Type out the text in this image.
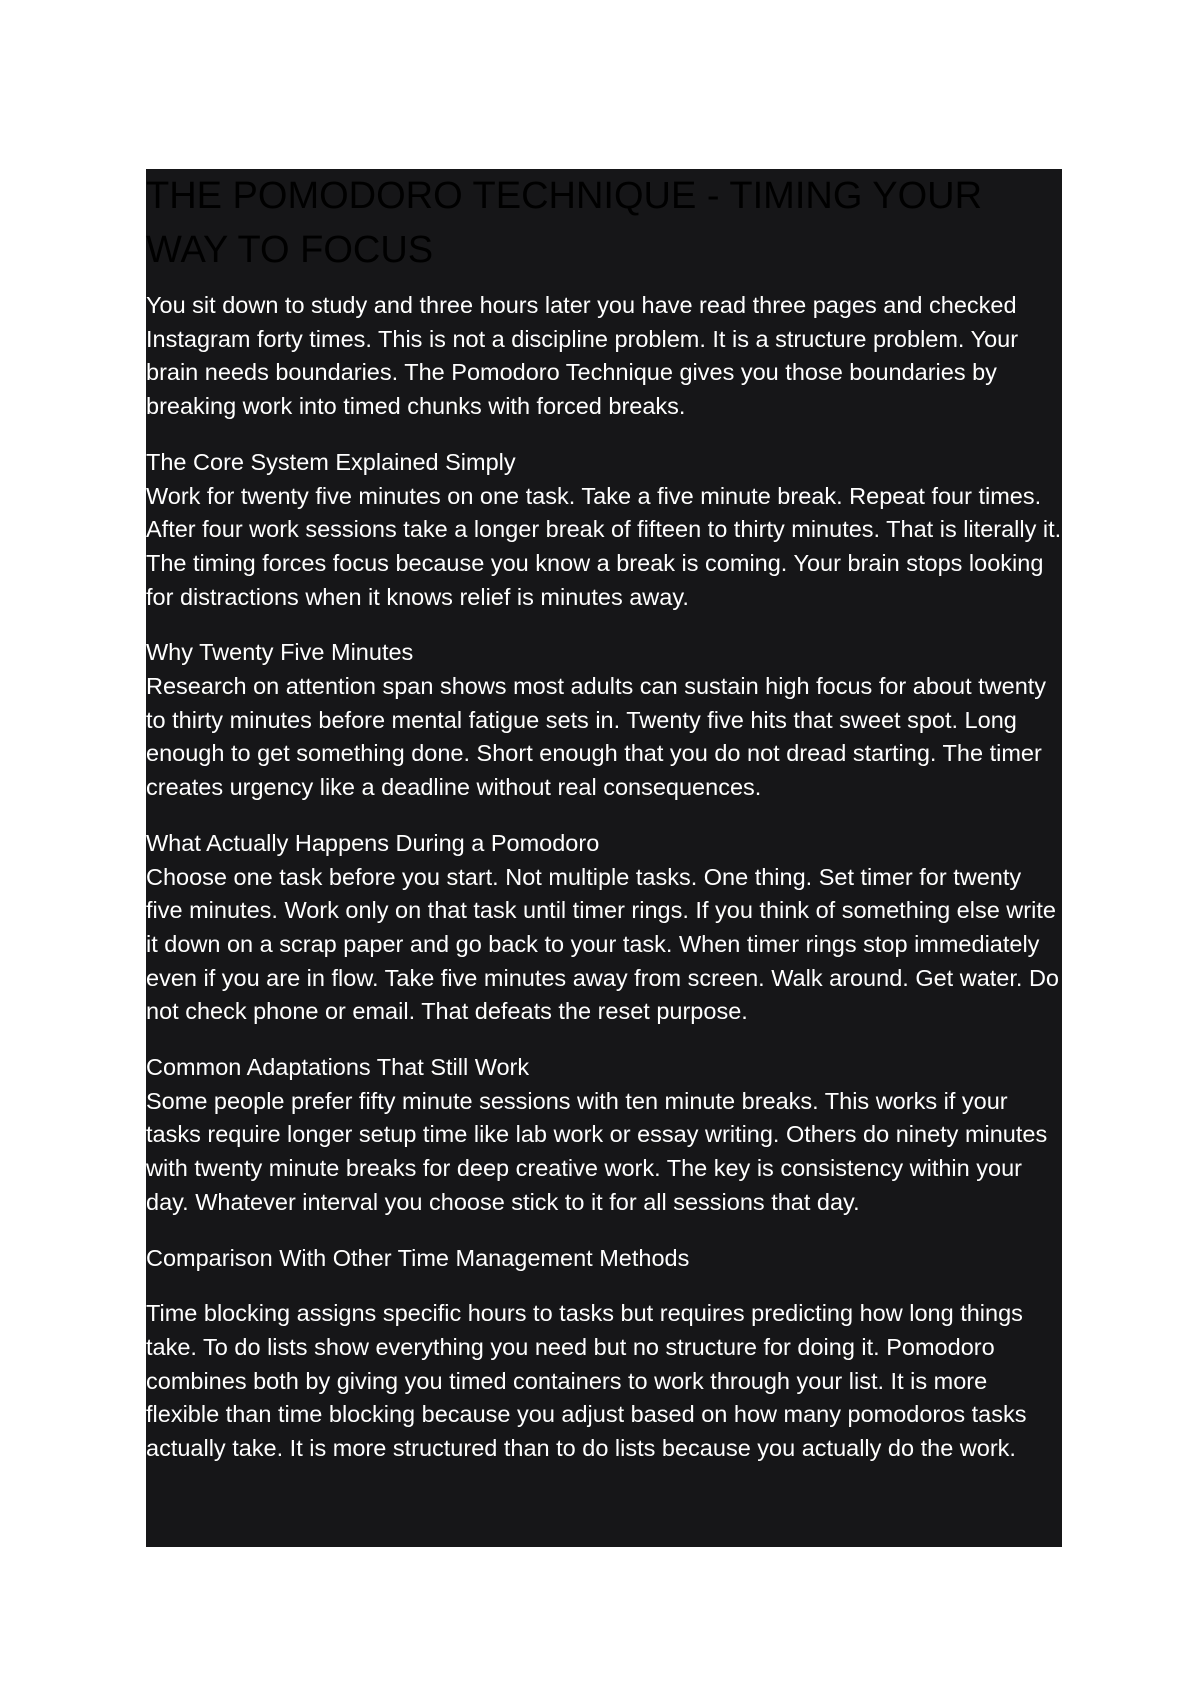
THE POMODORO TECHNIQUE - TIMING YOUR WAY TO FOCUS

You sit down to study and three hours later you have read three pages and checked Instagram forty times. This is not a discipline problem. It is a structure problem. Your brain needs boundaries. The Pomodoro Technique gives you those boundaries by breaking work into timed chunks with forced breaks.

The Core System Explained Simply

Work for twenty five minutes on one task. Take a five minute break. Repeat four times. After four work sessions take a longer break of fifteen to thirty minutes. That is literally it. The timing forces focus because you know a break is coming. Your brain stops looking for distractions when it knows relief is minutes away.

Why Twenty Five Minutes

Research on attention span shows most adults can sustain high focus for about twenty to thirty minutes before mental fatigue sets in. Twenty five hits that sweet spot. Long enough to get something done. Short enough that you do not dread starting. The timer creates urgency like a deadline without real consequences.

What Actually Happens During a Pomodoro

Choose one task before you start. Not multiple tasks. One thing. Set timer for twenty five minutes. Work only on that task until timer rings. If you think of something else write it down on a scrap paper and go back to your task. When timer rings stop immediately even if you are in flow. Take five minutes away from screen. Walk around. Get water. Do not check phone or email. That defeats the reset purpose.

Common Adaptations That Still Work

Some people prefer fifty minute sessions with ten minute breaks. This works if your tasks require longer setup time like lab work or essay writing. Others do ninety minutes with twenty minute breaks for deep creative work. The key is consistency within your day. Whatever interval you choose stick to it for all sessions that day.

Comparison With Other Time Management Methods

Time blocking assigns specific hours to tasks but requires predicting how long things take. To do lists show everything you need but no structure for doing it. Pomodoro combines both by giving you timed containers to work through your list. It is more flexible than time blocking because you adjust based on how many pomodoros tasks actually take. It is more structured than to do lists because you actually do the work.
